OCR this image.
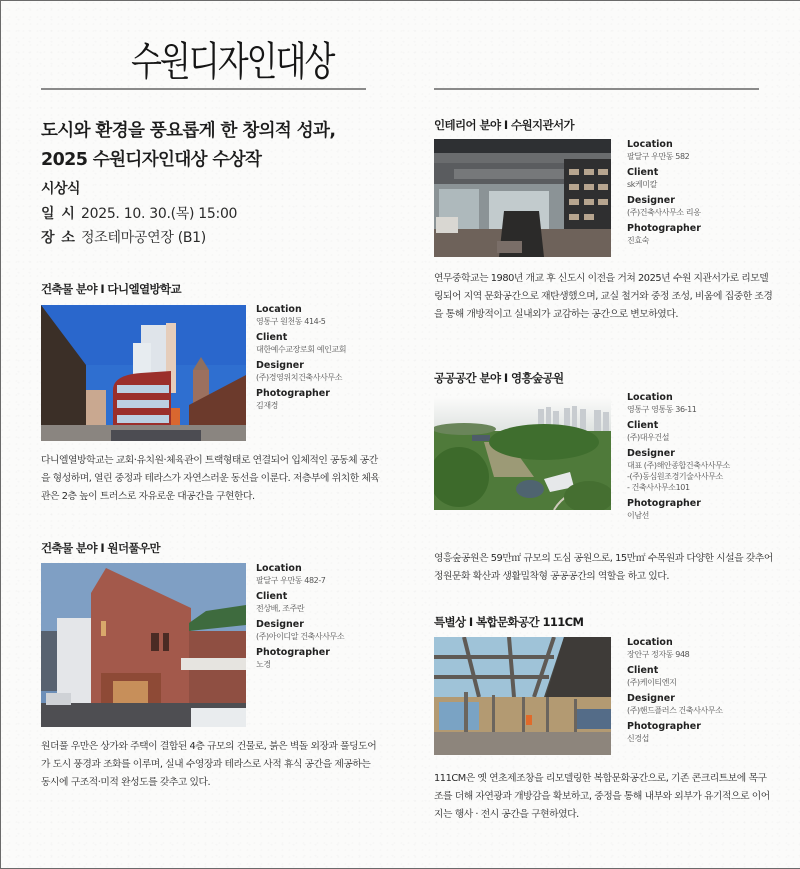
수원디자인대상
도시와 환경을 풍요롭게 한 창의적 성과,
2025 수원디자인대상 수상작
시상식
일 시 2025. 10. 30.(목) 15:00
장 소 정조테마공연장 (B1)
건축물 분야 I 다니엘열방학교
Location
영통구 원천동 414-5
Client
대한예수교장로회 예인교회
Designer
(주)경영위치건축사사무소
Photographer
김재경
다니엘열방학교는 교회·유치원·체육관이 트랙형태로 연결되어 입체적인 공동체 공간을 형성하며, 열린 중정과 테라스가 자연스러운 동선을 이룬다. 저층부에 위치한 체육관은 2층 높이 트러스로 자유로운 대공간을 구현한다.
건축물 분야 I 원더풀우만
Location
팔달구 우만동 482-7
Client
전상배, 조주란
Designer
(주)아이디알 건축사사무소
Photographer
노경
원더풀 우만은 상가와 주택이 결합된 4층 규모의 건물로, 붉은 벽돌 외장과 풀딩도어가 도시 풍경과 조화를 이루며, 실내 수영장과 테라스로 사적 휴식 공간을 제공하는 동시에 구조적·미적 완성도를 갖추고 있다.
인테리어 분야 I 수원지관서가
Location
팔달구 우만동 582
Client
sk케미칼
Designer
(주)건축사사무소 리옹
Photographer
진효숙
연무중학교는 1980년 개교 후 신도시 이전을 거쳐 2025년 수원 지관서가로 리모델링되어 지역 문화공간으로 재탄생했으며, 교실 철거와 중정 조성, 비움에 집중한 조경을 통해 개방적이고 실내외가 교감하는 공간으로 변모하였다.
공공공간 분야 I 영흥숲공원
Location
영통구 영통동 36-11
Client
(주)대우건설
Designer
대표 (주)해안종합건축사사무소
-(주)동심원조경기술사사무소
- 건축사사무소101
Photographer
이남선
영흥숲공원은 59만㎡ 규모의 도심 공원으로, 15만㎡ 수목원과 다양한 시설을 갖추어 정원문화 확산과 생활밀착형 공공공간의 역할을 하고 있다.
특별상 I 복합문화공간 111CM
Location
장안구 정자동 948
Client
(주)케이티엔지
Designer
(주)핸드플러스 건축사사무소
Photographer
신경섭
111CM은 옛 연초제조창을 리모델링한 복합문화공간으로, 기존 콘크리트보에 목구조를 더해 자연광과 개방감을 확보하고, 중정을 통해 내부와 외부가 유기적으로 이어지는 행사 · 전시 공간을 구현하였다.
